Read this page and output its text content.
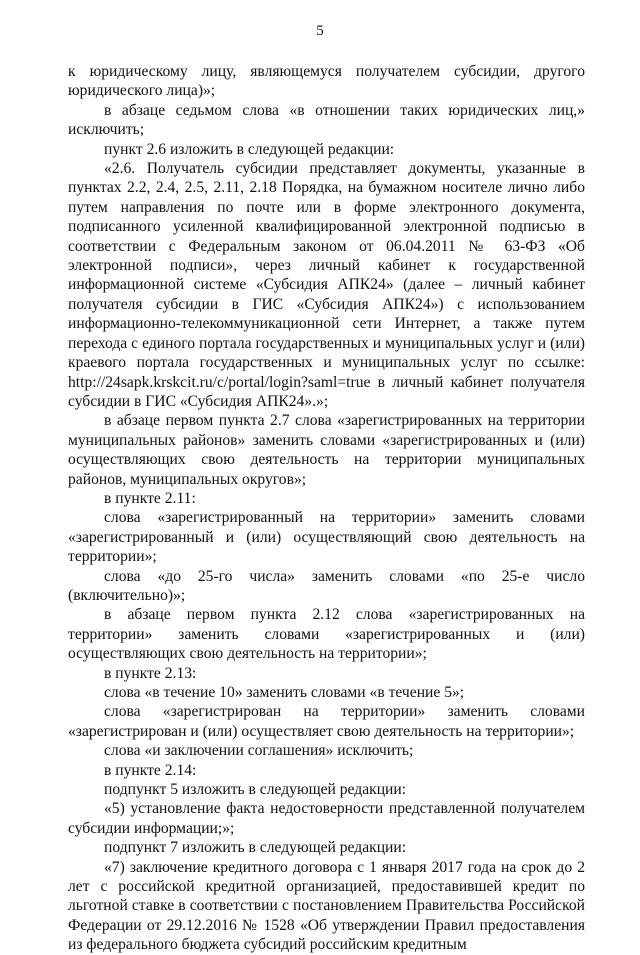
5

к юридическому лицу, являющемуся получателем субсидии, другого юридического лица)»;

в абзаце седьмом слова «в отношении таких юридических лиц,» исключить;

пункт 2.6 изложить в следующей редакции:

«2.6. Получатель субсидии представляет документы, указанные в пунктах 2.2, 2.4, 2.5, 2.11, 2.18 Порядка, на бумажном носителе лично либо путем направления по почте или в форме электронного документа, подписанного усиленной квалифицированной электронной подписью в соответствии с Федеральным законом от 06.04.2011 № 63-ФЗ «Об электронной подписи», через личный кабинет к государственной информационной системе «Субсидия АПК24» (далее – личный кабинет получателя субсидии в ГИС «Субсидия АПК24») с использованием информационно-телекоммуникационной сети Интернет, а также путем перехода с единого портала государственных и муниципальных услуг и (или) краевого портала государственных и муниципальных услуг по ссылке: http://24sapk.krskcit.ru/c/portal/login?saml=true в личный кабинет получателя субсидии в ГИС «Субсидия АПК24».»;

в абзаце первом пункта 2.7 слова «зарегистрированных на территории муниципальных районов» заменить словами «зарегистрированных и (или) осуществляющих свою деятельность на территории муниципальных районов, муниципальных округов»;

в пункте 2.11:

слова «зарегистрированный на территории» заменить словами «зарегистрированный и (или) осуществляющий свою деятельность на территории»;

слова «до 25-го числа» заменить словами «по 25-е число (включительно)»;

в абзаце первом пункта 2.12 слова «зарегистрированных на территории» заменить словами «зарегистрированных и (или) осуществляющих свою деятельность на территории»;

в пункте 2.13:

слова «в течение 10» заменить словами «в течение 5»;

слова «зарегистрирован на территории» заменить словами «зарегистрирован и (или) осуществляет свою деятельность на территории»;

слова «и заключении соглашения» исключить;

в пункте 2.14:

подпункт 5 изложить в следующей редакции:

«5) установление факта недостоверности представленной получателем субсидии информации;»;

подпункт 7 изложить в следующей редакции:

«7) заключение кредитного договора с 1 января 2017 года на срок до 2 лет с российской кредитной организацией, предоставившей кредит по льготной ставке в соответствии с постановлением Правительства Российской Федерации от 29.12.2016 № 1528 «Об утверждении Правил предоставления из федерального бюджета субсидий российским кредитным
